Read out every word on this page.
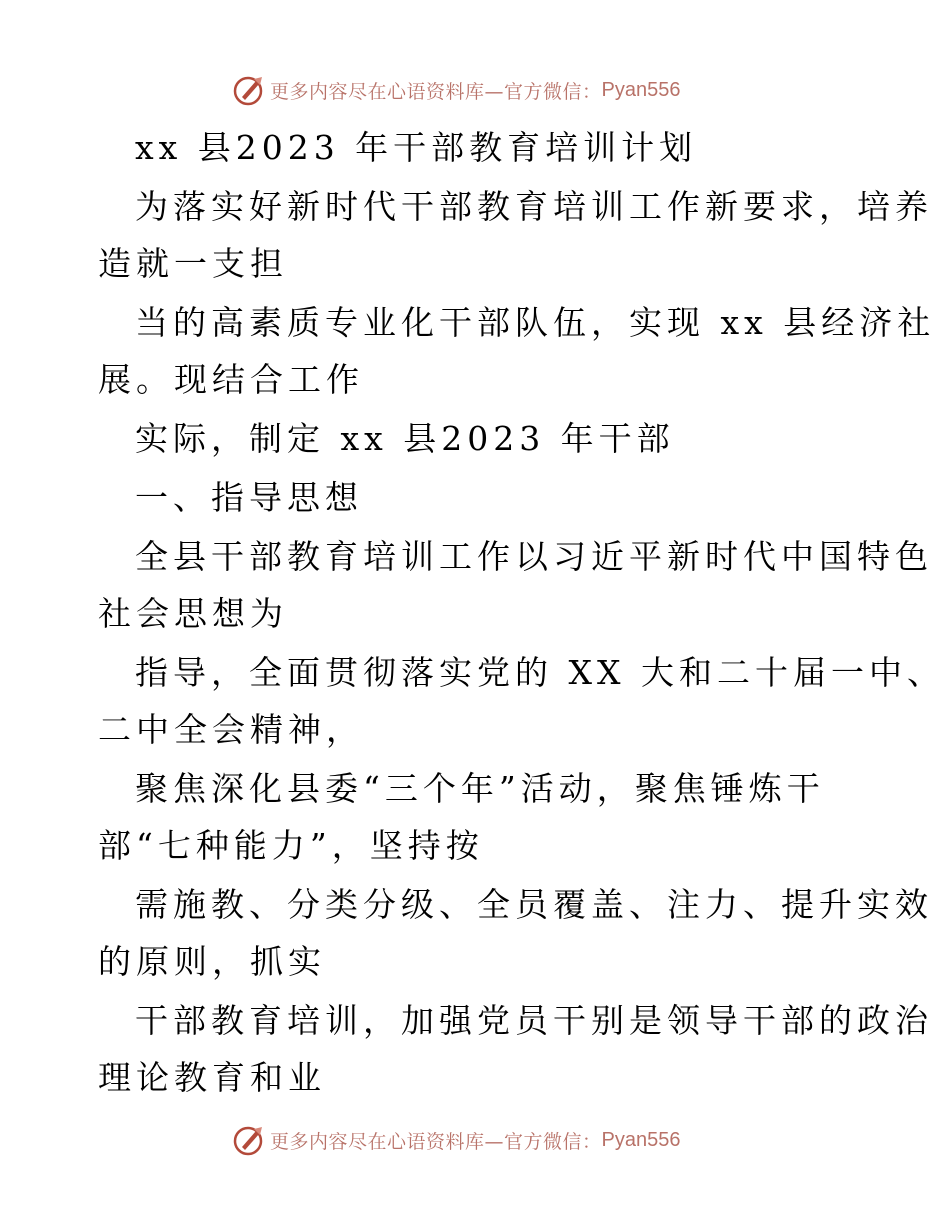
更多内容尽在心语资料库—官方微信： Pyan556
xx 县2023 年干部教育培训计划
为落实好新时代干部教育培训工作新要求，培养
造就一支担
当的高素质专业化干部队伍，实现 xx 县经济社
展。现结合工作
实际，制定 xx 县2023 年干部
一、指导思想
全县干部教育培训工作以习近平新时代中国特色
社会思想为
指导，全面贯彻落实党的 XX 大和二十届一中、
二中全会精神，
聚焦深化县委“三个年”活动，聚焦锤炼干
部“七种能力”，坚持按
需施教、分类分级、全员覆盖、注力、提升实效
的原则，抓实
干部教育培训，加强党员干别是领导干部的政治
理论教育和业
更多内容尽在心语资料库—官方微信： Pyan556
